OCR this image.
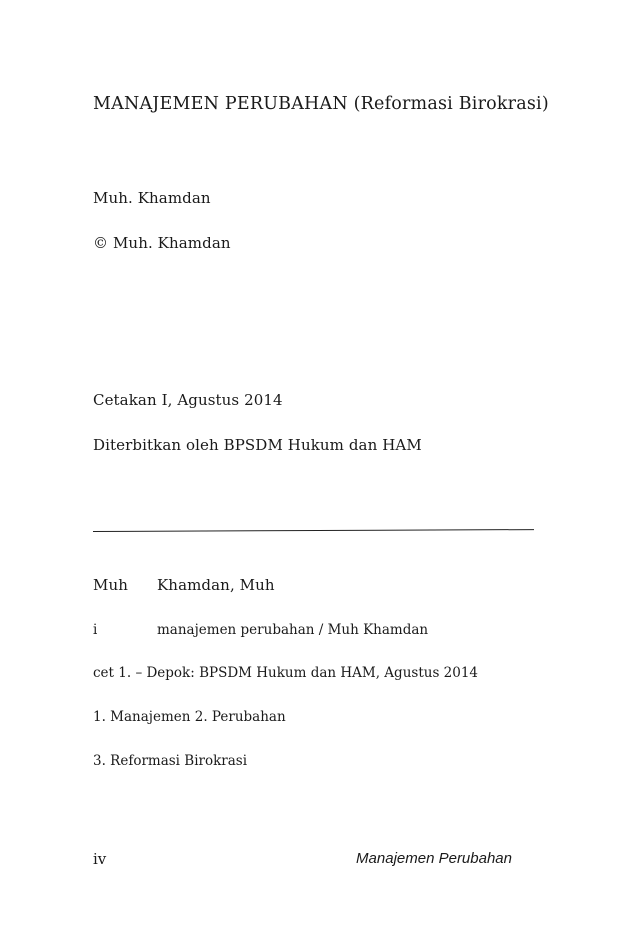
MANAJEMEN PERUBAHAN (Reformasi Birokrasi)
Muh. Khamdan
© Muh. Khamdan
Cetakan I, Agustus 2014
Diterbitkan oleh BPSDM Hukum dan HAM
Muh Khamdan, Muh
i	manajemen perubahan / Muh Khamdan
cet 1. – Depok: BPSDM Hukum dan HAM, Agustus 2014
1. Manajemen 2. Perubahan
3. Reformasi Birokrasi
iv	Manajemen Perubahan
